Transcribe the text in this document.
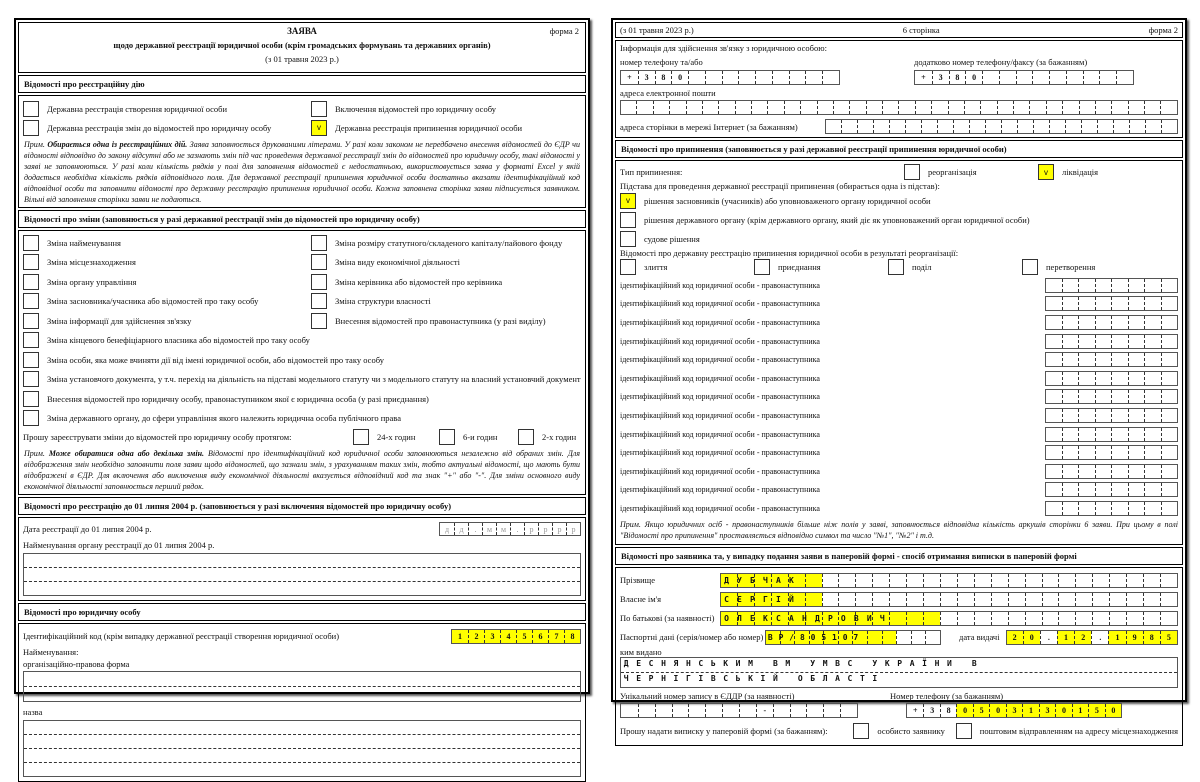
ЗАЯВА	форма 2
щодо державної реєстрації юридичної особи (крім громадських формувань та державних органів)
(з 01 травня 2023 р.)
Відомості про реєстраційну дію
Державна реєстрація створення юридичної особи	Включення відомостей про юридичну особу
Державна реєстрація змін до відомостей про юридичну особу	v	Державна реєстрація припинення юридичної особи
Прим. Обирається одна із реєстраційних дій. Заява заповнюється друкованими літерами. У разі коли законом не передбачено внесення відомостей до ЄДР чи відомості відповідно до закону відсутні або не зазнають змін під час проведення державної реєстрації змін до відомостей про юридичну особу, такі відомості у заяві не заповнюються. У разі коли кількість рядків у полі для заповнення відомостей є недостатньою, використовується заява у форматі Excel у якій додається необхідна кількість рядків відповідного поля. Для державної реєстрації припинення юридичної особи достатньо вказати ідентифікаційний код відповідної особи та заповнити відомості про державну реєстрацію припинення юридичної особи. Кожна заповнена сторінка заяви підписується заявником. Вільні від заповнення сторінки заяви не подаються.
Відомості про зміни (заповнюється у разі державної реєстрації змін до відомостей про юридичну особу)
Зміна найменування	Зміна розміру статутного/складеного капіталу/пайового фонду
Зміна місцезнаходження	Зміна виду економічної діяльності
Зміна органу управління	Зміна керівника або відомостей про керівника
Зміна засновника/учасника або відомостей про таку особу	Зміна структури власності
Зміна інформації для здійснення зв'язку	Внесення відомостей про правонаступника (у разі виділу)
Зміна кінцевого бенефіціарного власника або відомостей про таку особу
Зміна особи, яка може вчиняти дії від імені юридичної особи, або відомостей про таку особу
Зміна установчого документа, у т.ч. перехід на діяльність на підставі модельного статуту чи з модельного статуту на власний установчий документ
Внесення відомостей про юридичну особу, правонаступником якої є юридична особа (у разі приєднання)
Зміна державного органу, до сфери управління якого належить юридична особа публічного права
Прошу зареєструвати зміни до відомостей про юридичну особу протягом:	24-х годин	6-и годин	2-х годин
Прим. Може обиратися одна або декілька змін. Відомості про ідентифікаційний код юридичної особи заповнюються незалежно від обраних змін. Для відображення змін необхідно заповнити поля заяви щодо відомостей, що зазнали змін, з урахуванням таких змін, тобто актуальні відомості, що мають бути відображені в ЄДР. Для включення або виключення виду економічної діяльності вказується відповідний код та знак "+" або "-". Для зміни основного виду економічної діяльності заповнюється перший рядок.
Відомості про реєстрацію до 01 липня 2004 р. (заповнюється у разі включення відомостей про юридичну особу)
Дата реєстрації до 01 липня 2004 р.	д	д	.	м	м	.	р	р	р	р
Найменування органу реєстрації до 01 липня 2004 р.
Відомості про юридичну особу
Ідентифікаційний код (крім випадку державної реєстрації створення юридичної особи)	1	2	3	4	5	6	7	8
Найменування:
організаційно-правова форма
назва
(з 01 травня 2023 р.)	6 сторінка	форма 2
Інформація для здійснення зв'язку з юридичною особою:
номер телефону та/або	додатково номер телефону/факсу (за бажанням)
+	3	8	0	+	3	8	0
адреса електронної пошти
адреса сторінки в мережі Інтернет (за бажанням)
Відомості про припинення (заповнюється у разі державної реєстрації припинення юридичної особи)
Тип припинення:	реорганізація	v	ліквідація
Підстава для проведення державної реєстрації припинення (обирається одна із підстав):
v	рішення засновників (учасників) або уповноваженого органу юридичної особи
рішення державного органу (крім державного органу, який діє як уповноважений орган юридичної особи)
судове рішення
Відомості про державну реєстрацію припинення юридичної особи в результаті реорганізації:
злиття	приєднання	поділ	перетворення
ідентифікаційний код юридичної особи - правонаступника
ідентифікаційний код юридичної особи - правонаступника
ідентифікаційний код юридичної особи - правонаступника
ідентифікаційний код юридичної особи - правонаступника
ідентифікаційний код юридичної особи - правонаступника
ідентифікаційний код юридичної особи - правонаступника
ідентифікаційний код юридичної особи - правонаступника
ідентифікаційний код юридичної особи - правонаступника
ідентифікаційний код юридичної особи - правонаступника
ідентифікаційний код юридичної особи - правонаступника
ідентифікаційний код юридичної особи - правонаступника
ідентифікаційний код юридичної особи - правонаступника
ідентифікаційний код юридичної особи - правонаступника
Прим. Якщо юридичних осіб - правонаступників більше ніж полів у заяві, заповнюється відповідна кількість аркушів сторінки 6 заяви. При цьому в полі "Відомості про припинення" проставляється відповідно символ та число "№1", "№2" і т.д.
Відомості про заявника та, у випадку подання заяви в паперовій формі - спосіб отримання виписки в паперовій формі
Прізвище	ДУБЧАК
Власне ім'я	СЕРГІЙ
По батькові (за наявності)	ОЛЕКСАНДРОВИЧ
Паспортні дані (серія/номер або номер) ВР/805107	дата видачі	2	0	.	1	2	.	1	9	8	5
ким видано
ДЕСНЯНСЬКИМ ВМ УМВС УКРАЇНИ В
ЧЕРНІГІВСЬКІЙ ОБЛАСТІ
Унікальний номер запису в ЄДДР (за наявності)	Номер телефону (за бажанням)
-	+	3	8	0	5	0	3	1	3	0	1	5	0
Прошу надати виписку у паперовій формі (за бажанням):	особисто заявнику	поштовим відправленням на адресу місцезнаходження
